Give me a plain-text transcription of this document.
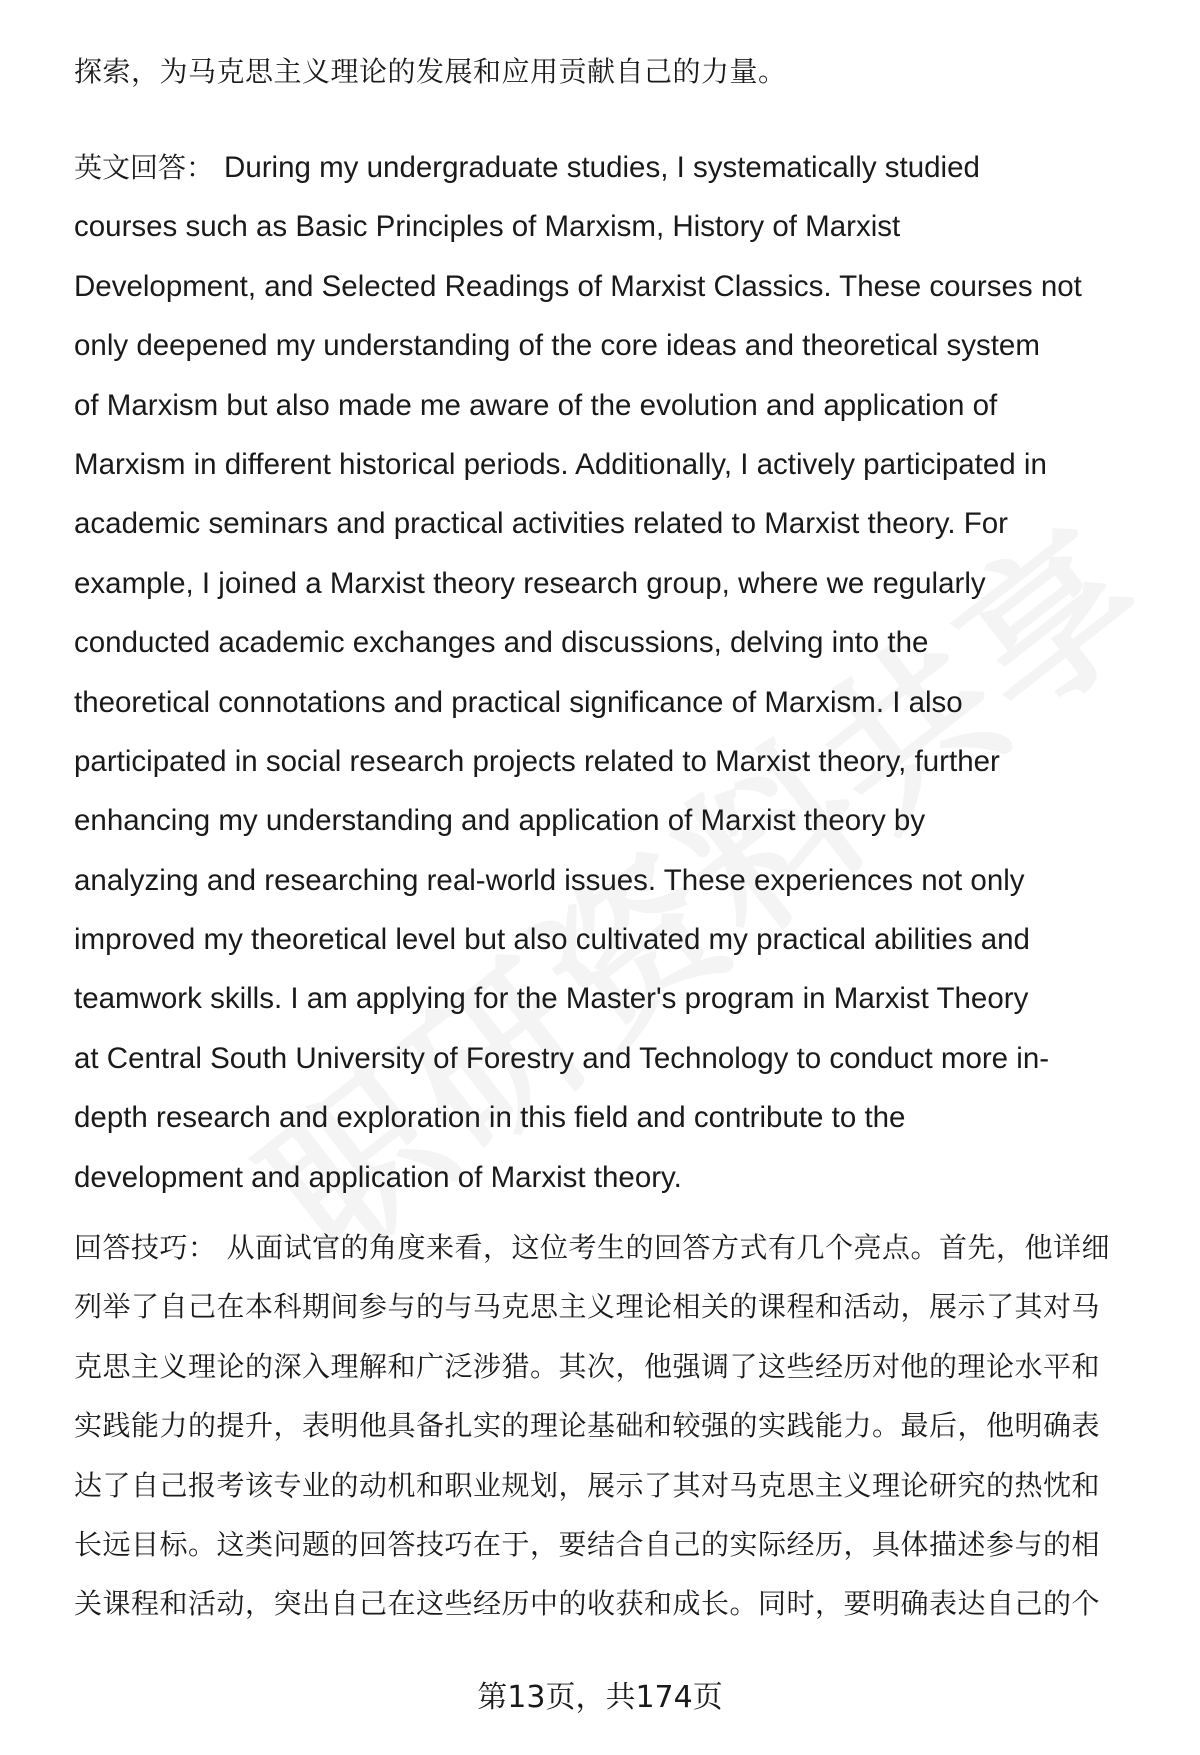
探索，为马克思主义理论的发展和应用贡献自己的力量。
英文回答： During my undergraduate studies, I systematically studied
courses such as Basic Principles of Marxism, History of Marxist
Development, and Selected Readings of Marxist Classics. These courses not
only deepened my understanding of the core ideas and theoretical system
of Marxism but also made me aware of the evolution and application of
Marxism in different historical periods. Additionally, I actively participated in
academic seminars and practical activities related to Marxist theory. For
example, I joined a Marxist theory research group, where we regularly
conducted academic exchanges and discussions, delving into the
theoretical connotations and practical significance of Marxism. I also
participated in social research projects related to Marxist theory, further
enhancing my understanding and application of Marxist theory by
analyzing and researching real-world issues. These experiences not only
improved my theoretical level but also cultivated my practical abilities and
teamwork skills. I am applying for the Master's program in Marxist Theory
at Central South University of Forestry and Technology to conduct more in-
depth research and exploration in this field and contribute to the
development and application of Marxist theory.
回答技巧： 从面试官的角度来看，这位考生的回答方式有几个亮点。首先，他详细
列举了自己在本科期间参与的与马克思主义理论相关的课程和活动，展示了其对马
克思主义理论的深入理解和广泛涉猎。其次，他强调了这些经历对他的理论水平和
实践能力的提升，表明他具备扎实的理论基础和较强的实践能力。最后，他明确表
达了自己报考该专业的动机和职业规划，展示了其对马克思主义理论研究的热忱和
长远目标。这类问题的回答技巧在于，要结合自己的实际经历，具体描述参与的相
关课程和活动，突出自己在这些经历中的收获和成长。同时，要明确表达自己的个
第13页，共174页
